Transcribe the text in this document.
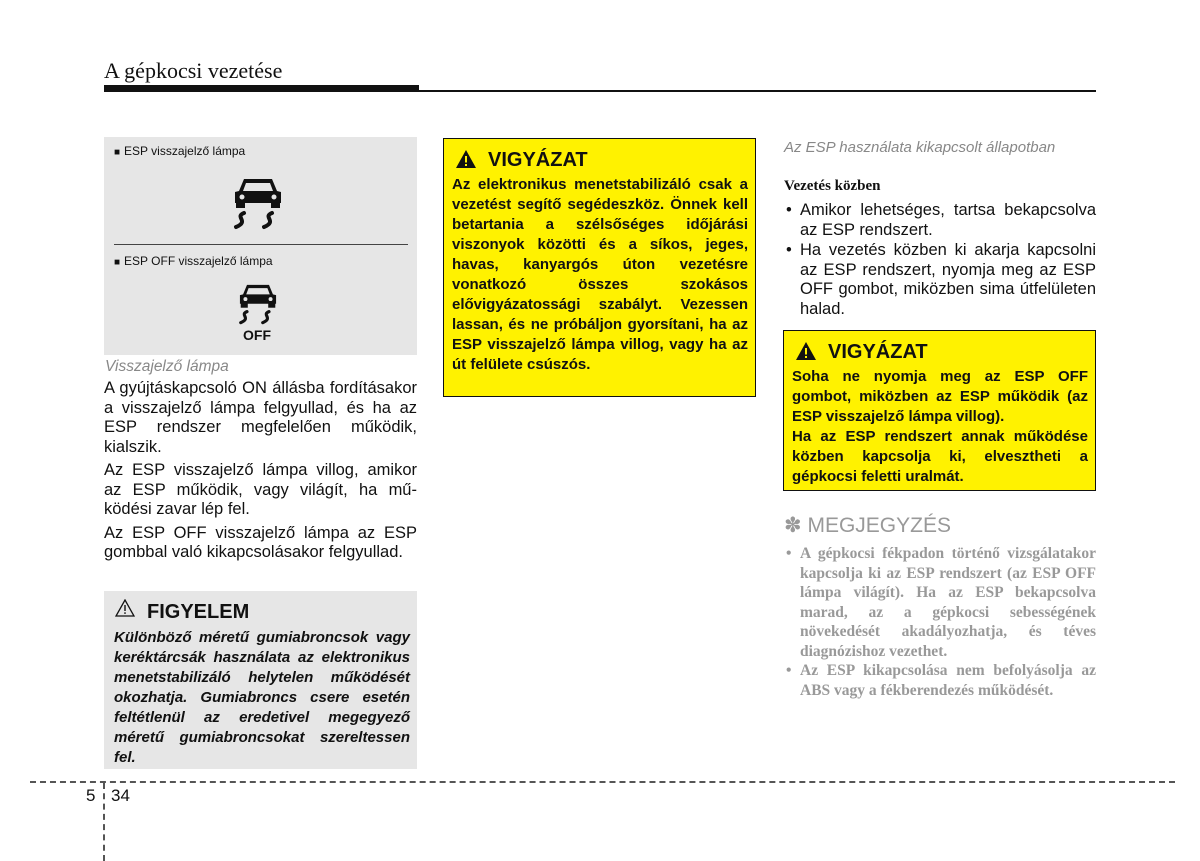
A gépkocsi vezetése
■ ESP visszajelző lámpa
■ ESP OFF visszajelző lámpa
OFF
Visszajelző lámpa

A gyújtáskapcsoló ON állásba fordításakor a visszajelző lámpa felgyullad, és ha az ESP rendszer megfelelően működik, kialszik.

Az ESP visszajelző lámpa villog, amikor az ESP működik, vagy világít, ha működési zavar lép fel.

Az ESP OFF visszajelző lámpa az ESP gombbal való kikapcsolásakor felgyullad.

FIGYELEM
Különböző méretű gumiabroncsok vagy keréktárcsák használata az elektronikus menetstabilizáló helytelen működését okozhatja. Gumiabroncs csere esetén feltétlenül az eredetivel megegyező méretű gumiabroncsokat szereltessen fel.
VIGYÁZAT
Az elektronikus menetstabilizáló csak a vezetést segítő segédeszköz. Önnek kell betartania a szélsőséges időjárási viszonyok közötti és a síkos, jeges, havas, kanyargós úton vezetésre vonatkozó összes szokásos elővigyázatossági szabályt. Vezessen lassan, és ne próbáljon gyorsítani, ha az ESP visszajelző lámpa villog, vagy ha az út felülete csúszós.
Az ESP használata kikapcsolt állapotban
Vezetés közben
• Amikor lehetséges, tartsa bekapcsolva az ESP rendszert.
• Ha vezetés közben ki akarja kapcsolni az ESP rendszert, nyomja meg az ESP OFF gombot, miközben sima útfelületen halad.
VIGYÁZAT

Soha ne nyomja meg az ESP OFF gombot, miközben az ESP működik (az ESP visszajelző lámpa villog).

Ha az ESP rendszert annak működése közben kapcsolja ki, elvesztheti a gépkocsi feletti uralmát.

✽ MEGJEGYZÉS
• A gépkocsi fékpadon történő vizsgálatakor kapcsolja ki az ESP rendszert (az ESP OFF lámpa világít). Ha az ESP bekapcsolva marad, az a gépkocsi sebességének növekedését akadályozhatja, és téves diagnózishoz vezethet.
• Az ESP kikapcsolása nem befolyásolja az ABS vagy a fékberendezés működését.
5 34
